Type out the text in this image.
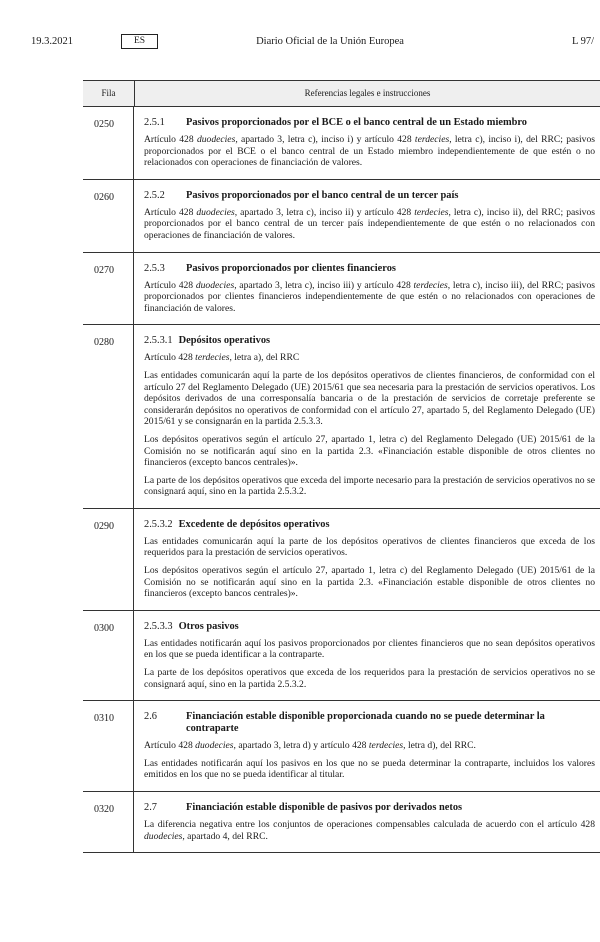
19.3.2021	ES	Diario Oficial de la Unión Europea	L 97/
Fila	Referencias legales e instrucciones
0250	2.5.1	Pasivos proporcionados por el BCE o el banco central de un Estado miembro

Artículo 428 duodecies, apartado 3, letra c), inciso i) y artículo 428 terdecies, letra c), inciso i), del RRC; pasivos proporcionados por el BCE o el banco central de un Estado miembro independientemente de que estén o no relacionados con operaciones de financiación de valores.

0260	2.5.2	Pasivos proporcionados por el banco central de un tercer país

Artículo 428 duodecies, apartado 3, letra c), inciso ii) y artículo 428 terdecies, letra c), inciso ii), del RRC; pasivos proporcionados por el banco central de un tercer país independientemente de que estén o no relacionados con operaciones de financiación de valores.

0270	2.5.3	Pasivos proporcionados por clientes financieros

Artículo 428 duodecies, apartado 3, letra c), inciso iii) y artículo 428 terdecies, letra c), inciso iii), del RRC; pasivos proporcionados por clientes financieros independientemente de que estén o no relacionados con operaciones de financiación de valores.

0280	2.5.3.1 Depósitos operativos

Artículo 428 terdecies, letra a), del RRC

Las entidades comunicarán aquí la parte de los depósitos operativos de clientes financieros, de conformidad con el artículo 27 del Reglamento Delegado (UE) 2015/61 que sea necesaria para la prestación de servicios operativos. Los depósitos derivados de una corresponsalía bancaria o de la prestación de servicios de corretaje preferente se considerarán depósitos no operativos de conformidad con el artículo 27, apartado 5, del Reglamento Delegado (UE) 2015/61 y se consignarán en la partida 2.5.3.3.

Los depósitos operativos según el artículo 27, apartado 1, letra c) del Reglamento Delegado (UE) 2015/61 de la Comisión no se notificarán aquí sino en la partida 2.3. «Financiación estable disponible de otros clientes no financieros (excepto bancos centrales)».

La parte de los depósitos operativos que exceda del importe necesario para la prestación de servicios operativos no se consignará aquí, sino en la partida 2.5.3.2.

0290	2.5.3.2 Excedente de depósitos operativos

Las entidades comunicarán aquí la parte de los depósitos operativos de clientes financieros que exceda de los requeridos para la prestación de servicios operativos.

Los depósitos operativos según el artículo 27, apartado 1, letra c) del Reglamento Delegado (UE) 2015/61 de la Comisión no se notificarán aquí sino en la partida 2.3. «Financiación estable disponible de otros clientes no financieros (excepto bancos centrales)».

0300	2.5.3.3 Otros pasivos

Las entidades notificarán aquí los pasivos proporcionados por clientes financieros que no sean depósitos operativos en los que se pueda identificar a la contraparte.

La parte de los depósitos operativos que exceda de los requeridos para la prestación de servicios operativos no se consignará aquí, sino en la partida 2.5.3.2.

0310	2.6	Financiación estable disponible proporcionada cuando no se puede determinar la contraparte

Artículo 428 duodecies, apartado 3, letra d) y artículo 428 terdecies, letra d), del RRC.

Las entidades notificarán aquí los pasivos en los que no se pueda determinar la contraparte, incluidos los valores emitidos en los que no se pueda identificar al titular.

0320	2.7	Financiación estable disponible de pasivos por derivados netos

La diferencia negativa entre los conjuntos de operaciones compensables calculada de acuerdo con el artículo 428 duodecies, apartado 4, del RRC.
